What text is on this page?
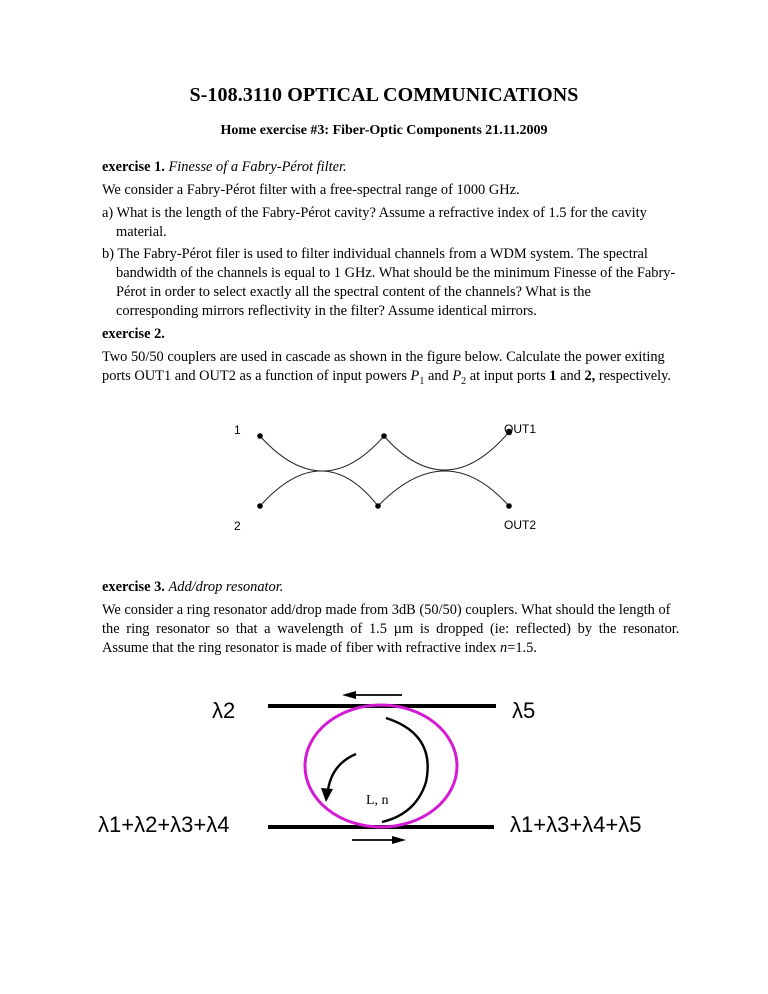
S-108.3110 OPTICAL COMMUNICATIONS
Home exercise #3: Fiber-Optic Components 21.11.2009

exercise 1. Finesse of a Fabry-Pérot filter.

We consider a Fabry-Pérot filter with a free-spectral range of 1000 GHz.

a) What is the length of the Fabry-Pérot cavity? Assume a refractive index of 1.5 for the cavity

material.

b) The Fabry-Pérot filer is used to filter individual channels from a WDM system. The spectral

bandwidth of the channels is equal to 1 GHz. What should be the minimum Finesse of the Fabry-

Pérot in order to select exactly all the spectral content of the channels? What is the

corresponding mirrors reflectivity in the filter? Assume identical mirrors.

exercise 2.

Two 50/50 couplers are used in cascade as shown in the figure below. Calculate the power exiting

ports OUT1 and OUT2 as a function of input powers $P_1$ and $P_2$ at input ports 1 and 2, respectively.

1
2
OUT1
OUT2

exercise 3. Add/drop resonator.

We consider a ring resonator add/drop made from 3dB (50/50) couplers. What should the length of

the ring resonator so that a wavelength of 1.5 µm is dropped (ie: reflected) by the resonator.

Assume that the ring resonator is made of fiber with refractive index n=1.5.

λ2	λ5
λ1+λ2+λ3+λ4	λ1+λ3+λ4+λ5
L, n
